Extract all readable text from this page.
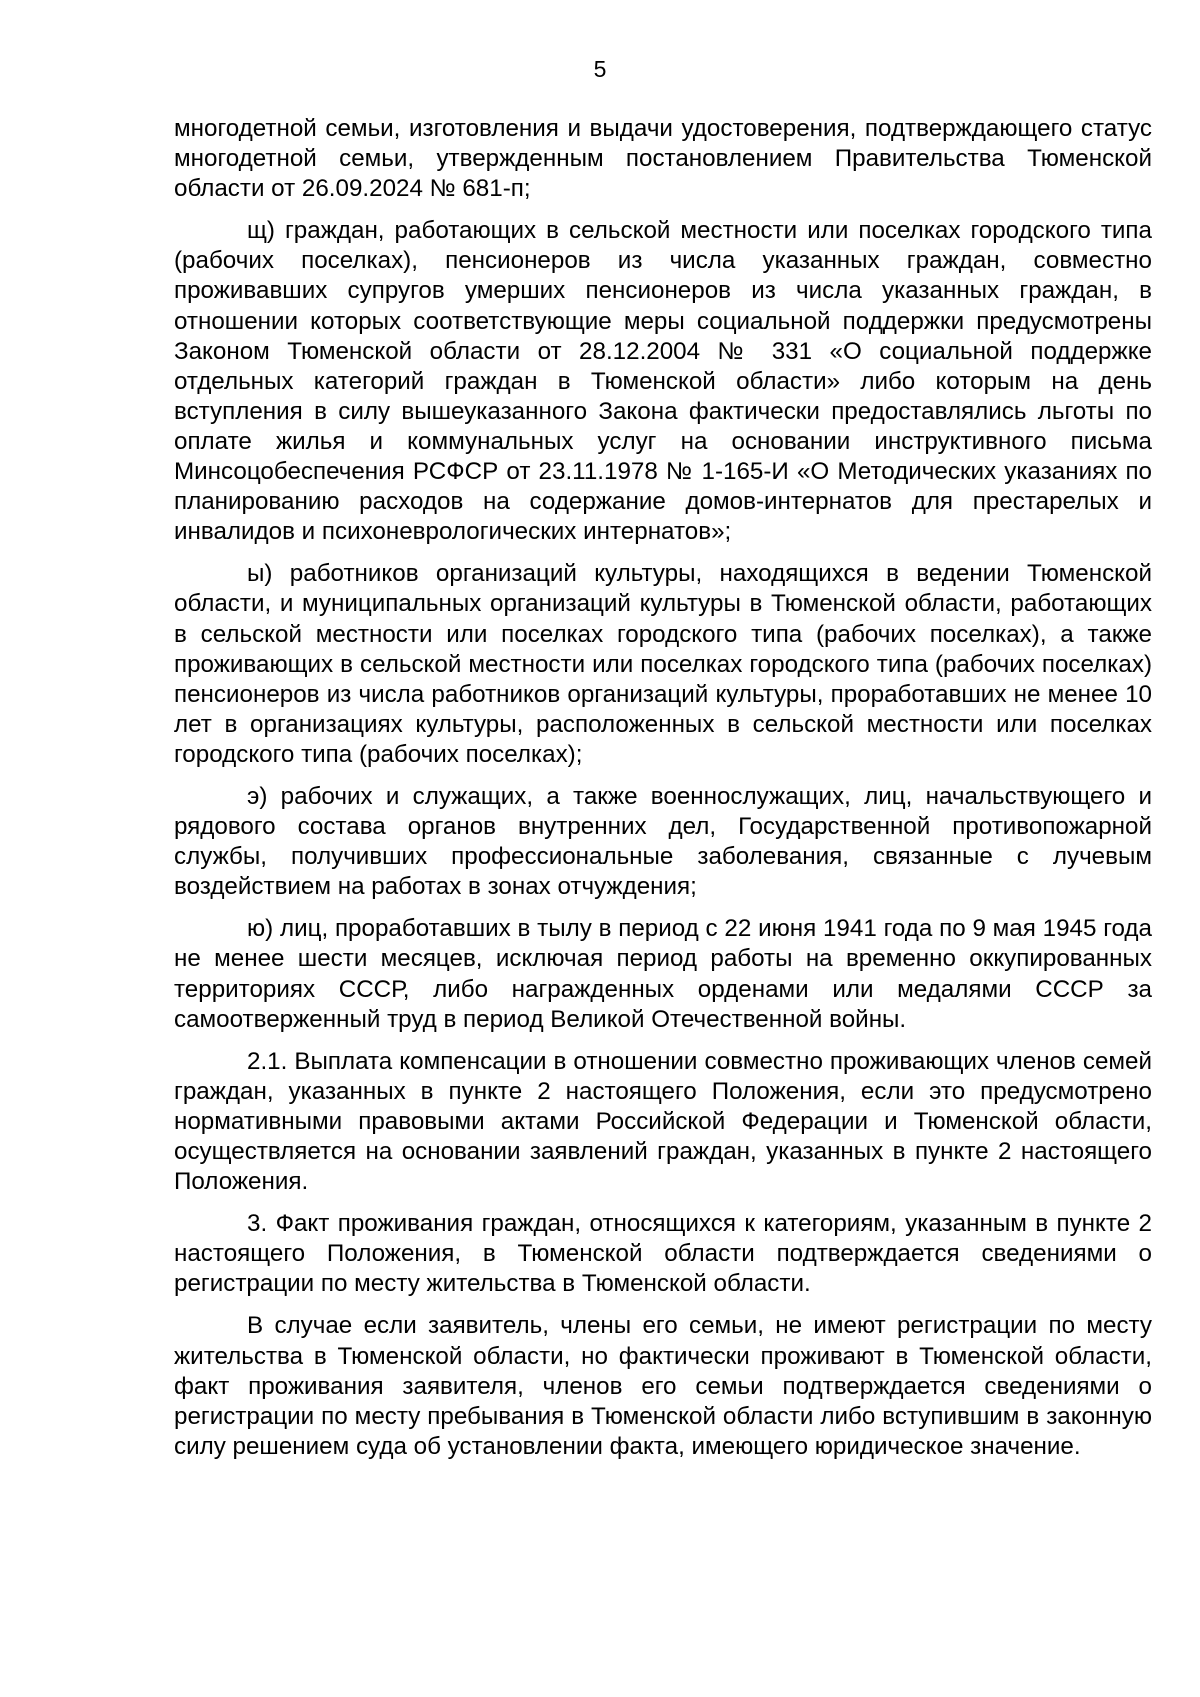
5

многодетной семьи, изготовления и выдачи удостоверения, подтверждающего статус многодетной семьи, утвержденным постановлением Правительства Тюменской области от 26.09.2024 № 681-п;

щ) граждан, работающих в сельской местности или поселках городского типа (рабочих поселках), пенсионеров из числа указанных граждан, совместно проживавших супругов умерших пенсионеров из числа указанных граждан, в отношении которых соответствующие меры социальной поддержки предусмотрены Законом Тюменской области от 28.12.2004 № 331 «О социальной поддержке отдельных категорий граждан в Тюменской области» либо которым на день вступления в силу вышеуказанного Закона фактически предоставлялись льготы по оплате жилья и коммунальных услуг на основании инструктивного письма Минсоцобеспечения РСФСР от 23.11.1978 № 1-165-И «О Методических указаниях по планированию расходов на содержание домов-интернатов для престарелых и инвалидов и психоневрологических интернатов»;

ы) работников организаций культуры, находящихся в ведении Тюменской области, и муниципальных организаций культуры в Тюменской области, работающих в сельской местности или поселках городского типа (рабочих поселках), а также проживающих в сельской местности или поселках городского типа (рабочих поселках) пенсионеров из числа работников организаций культуры, проработавших не менее 10 лет в организациях культуры, расположенных в сельской местности или поселках городского типа (рабочих поселках);

э) рабочих и служащих, а также военнослужащих, лиц, начальствующего и рядового состава органов внутренних дел, Государственной противопожарной службы, получивших профессиональные заболевания, связанные с лучевым воздействием на работах в зонах отчуждения;

ю) лиц, проработавших в тылу в период с 22 июня 1941 года по 9 мая 1945 года не менее шести месяцев, исключая период работы на временно оккупированных территориях СССР, либо награжденных орденами или медалями СССР за самоотверженный труд в период Великой Отечественной войны.

2.1. Выплата компенсации в отношении совместно проживающих членов семей граждан, указанных в пункте 2 настоящего Положения, если это предусмотрено нормативными правовыми актами Российской Федерации и Тюменской области, осуществляется на основании заявлений граждан, указанных в пункте 2 настоящего Положения.

3. Факт проживания граждан, относящихся к категориям, указанным в пункте 2 настоящего Положения, в Тюменской области подтверждается сведениями о регистрации по месту жительства в Тюменской области.

В случае если заявитель, члены его семьи, не имеют регистрации по месту жительства в Тюменской области, но фактически проживают в Тюменской области, факт проживания заявителя, членов его семьи подтверждается сведениями о регистрации по месту пребывания в Тюменской области либо вступившим в законную силу решением суда об установлении факта, имеющего юридическое значение.
